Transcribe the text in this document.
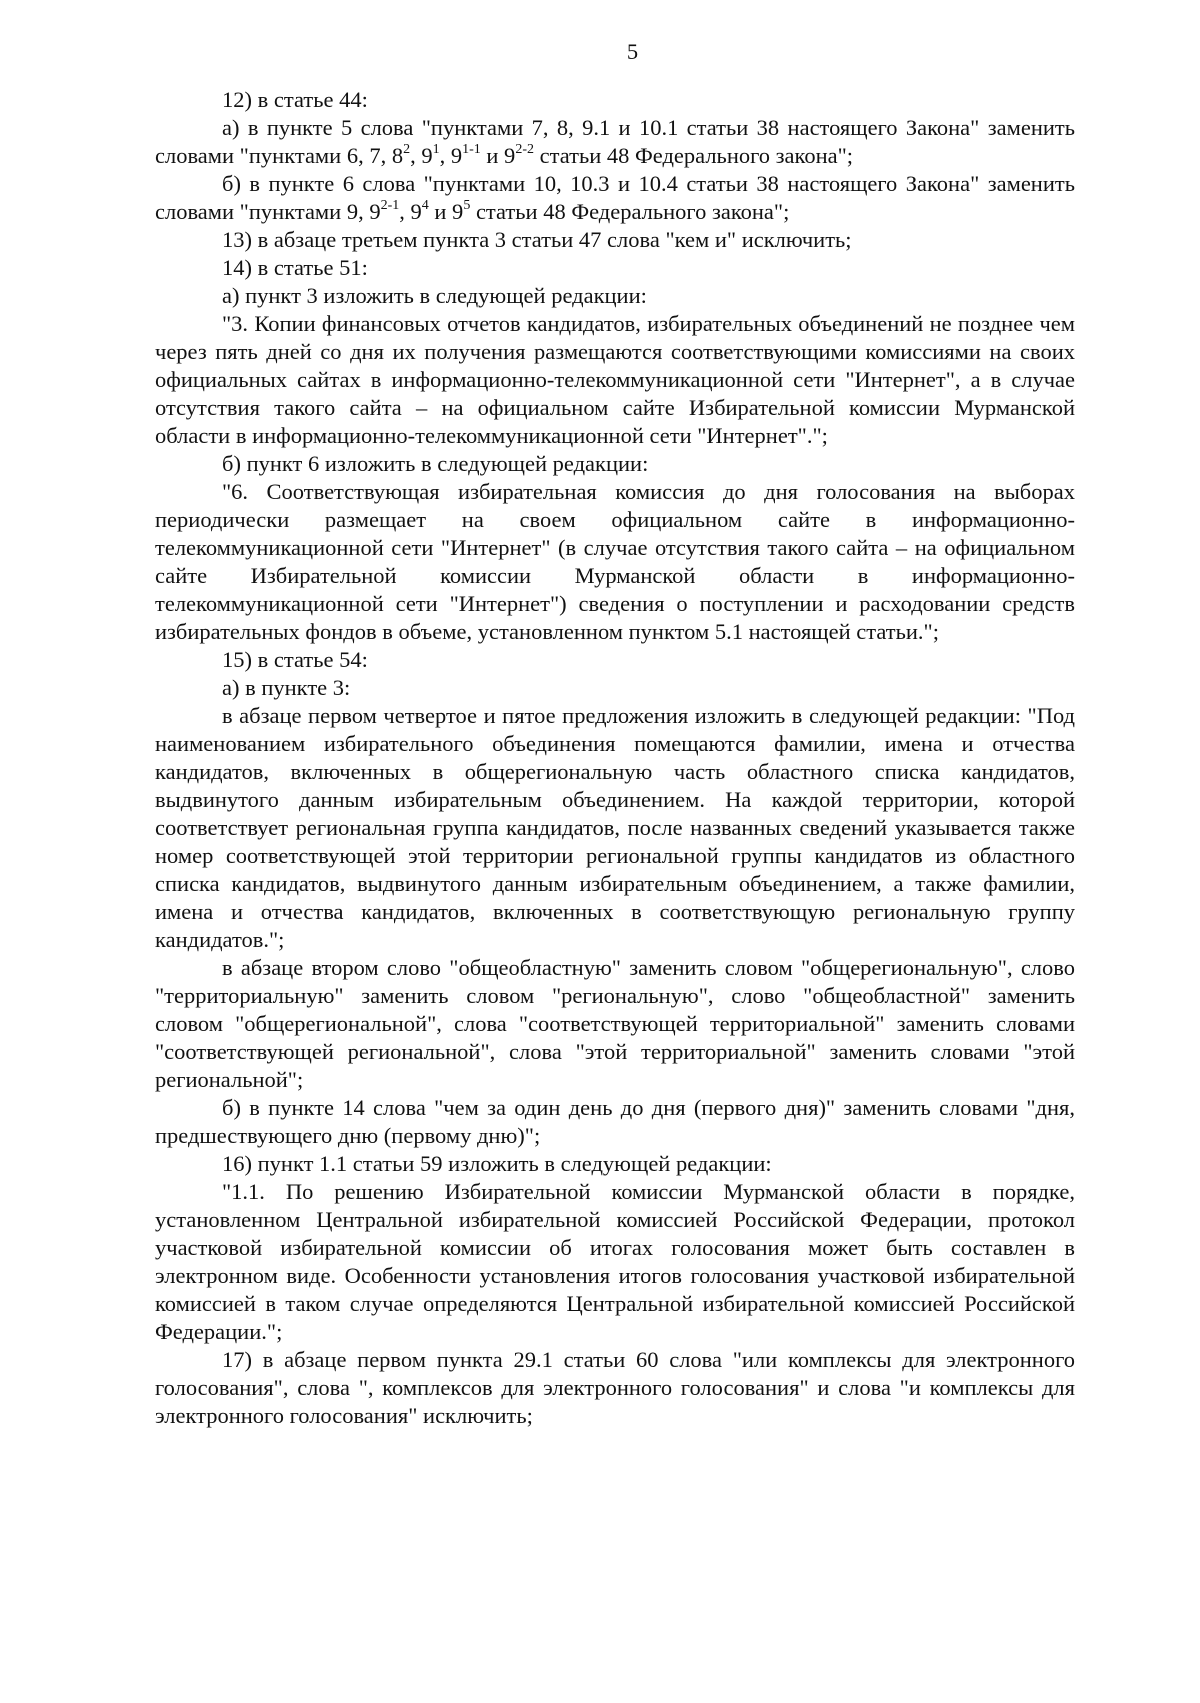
5

12) в статье 44:

а) в пункте 5 слова "пунктами 7, 8, 9.1 и 10.1 статьи 38 настоящего Закона" заменить словами "пунктами 6, 7, $8^2$, $9^1$, 9$^{1-1}$ и 9$^{2-2}$ статьи 48 Федерального закона";

б) в пункте 6 слова "пунктами 10, 10.3 и 10.4 статьи 38 настоящего Закона" заменить словами "пунктами 9, 9$^{2-1}$, $9^4$ и $9^5$ статьи 48 Федерального закона";

13) в абзаце третьем пункта 3 статьи 47 слова "кем и" исключить;

14) в статье 51:

а) пункт 3 изложить в следующей редакции:

"3. Копии финансовых отчетов кандидатов, избирательных объединений не позднее чем через пять дней со дня их получения размещаются соответствующими комиссиями на своих официальных сайтах в информационно-телекоммуникационной сети "Интернет", а в случае отсутствия такого сайта – на официальном сайте Избирательной комиссии Мурманской области в информационно-телекоммуникационной сети "Интернет".";

б) пункт 6 изложить в следующей редакции:

"6. Соответствующая избирательная комиссия до дня голосования на выборах периодически размещает на своем официальном сайте в информационно-телекоммуникационной сети "Интернет" (в случае отсутствия такого сайта – на официальном сайте Избирательной комиссии Мурманской области в информационно-телекоммуникационной сети "Интернет") сведения о поступлении и расходовании средств избирательных фондов в объеме, установленном пунктом 5.1 настоящей статьи.";

15) в статье 54:

а) в пункте 3:

в абзаце первом четвертое и пятое предложения изложить в следующей редакции: "Под наименованием избирательного объединения помещаются фамилии, имена и отчества кандидатов, включенных в общерегиональную часть областного списка кандидатов, выдвинутого данным избирательным объединением. На каждой территории, которой соответствует региональная группа кандидатов, после названных сведений указывается также номер соответствующей этой территории региональной группы кандидатов из областного списка кандидатов, выдвинутого данным избирательным объединением, а также фамилии, имена и отчества кандидатов, включенных в соответствующую региональную группу кандидатов.";

в абзаце втором слово "общеобластную" заменить словом "общерегиональную", слово "территориальную" заменить словом "региональную", слово "общеобластной" заменить словом "общерегиональной", слова "соответствующей территориальной" заменить словами "соответствующей региональной", слова "этой территориальной" заменить словами "этой региональной";

б) в пункте 14 слова "чем за один день до дня (первого дня)" заменить словами "дня, предшествующего дню (первому дню)";

16) пункт 1.1 статьи 59 изложить в следующей редакции:

"1.1. По решению Избирательной комиссии Мурманской области в порядке, установленном Центральной избирательной комиссией Российской Федерации, протокол участковой избирательной комиссии об итогах голосования может быть составлен в электронном виде. Особенности установления итогов голосования участковой избирательной комиссией в таком случае определяются Центральной избирательной комиссией Российской Федерации.";

17) в абзаце первом пункта 29.1 статьи 60 слова "или комплексы для электронного голосования", слова ", комплексов для электронного голосования" и слова "и комплексы для электронного голосования" исключить;
